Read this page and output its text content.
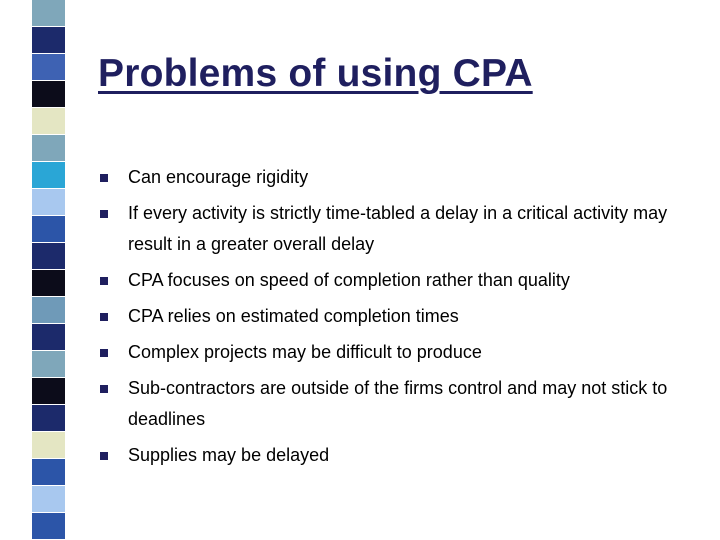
Problems of using CPA
Can encourage rigidity
If every activity is strictly time-tabled a delay in a critical activity may result in a greater overall delay
CPA focuses on speed of completion rather than quality
CPA relies on estimated completion times
Complex projects may be difficult to produce
Sub-contractors are outside of the firms control and may not stick to deadlines
Supplies may be delayed
